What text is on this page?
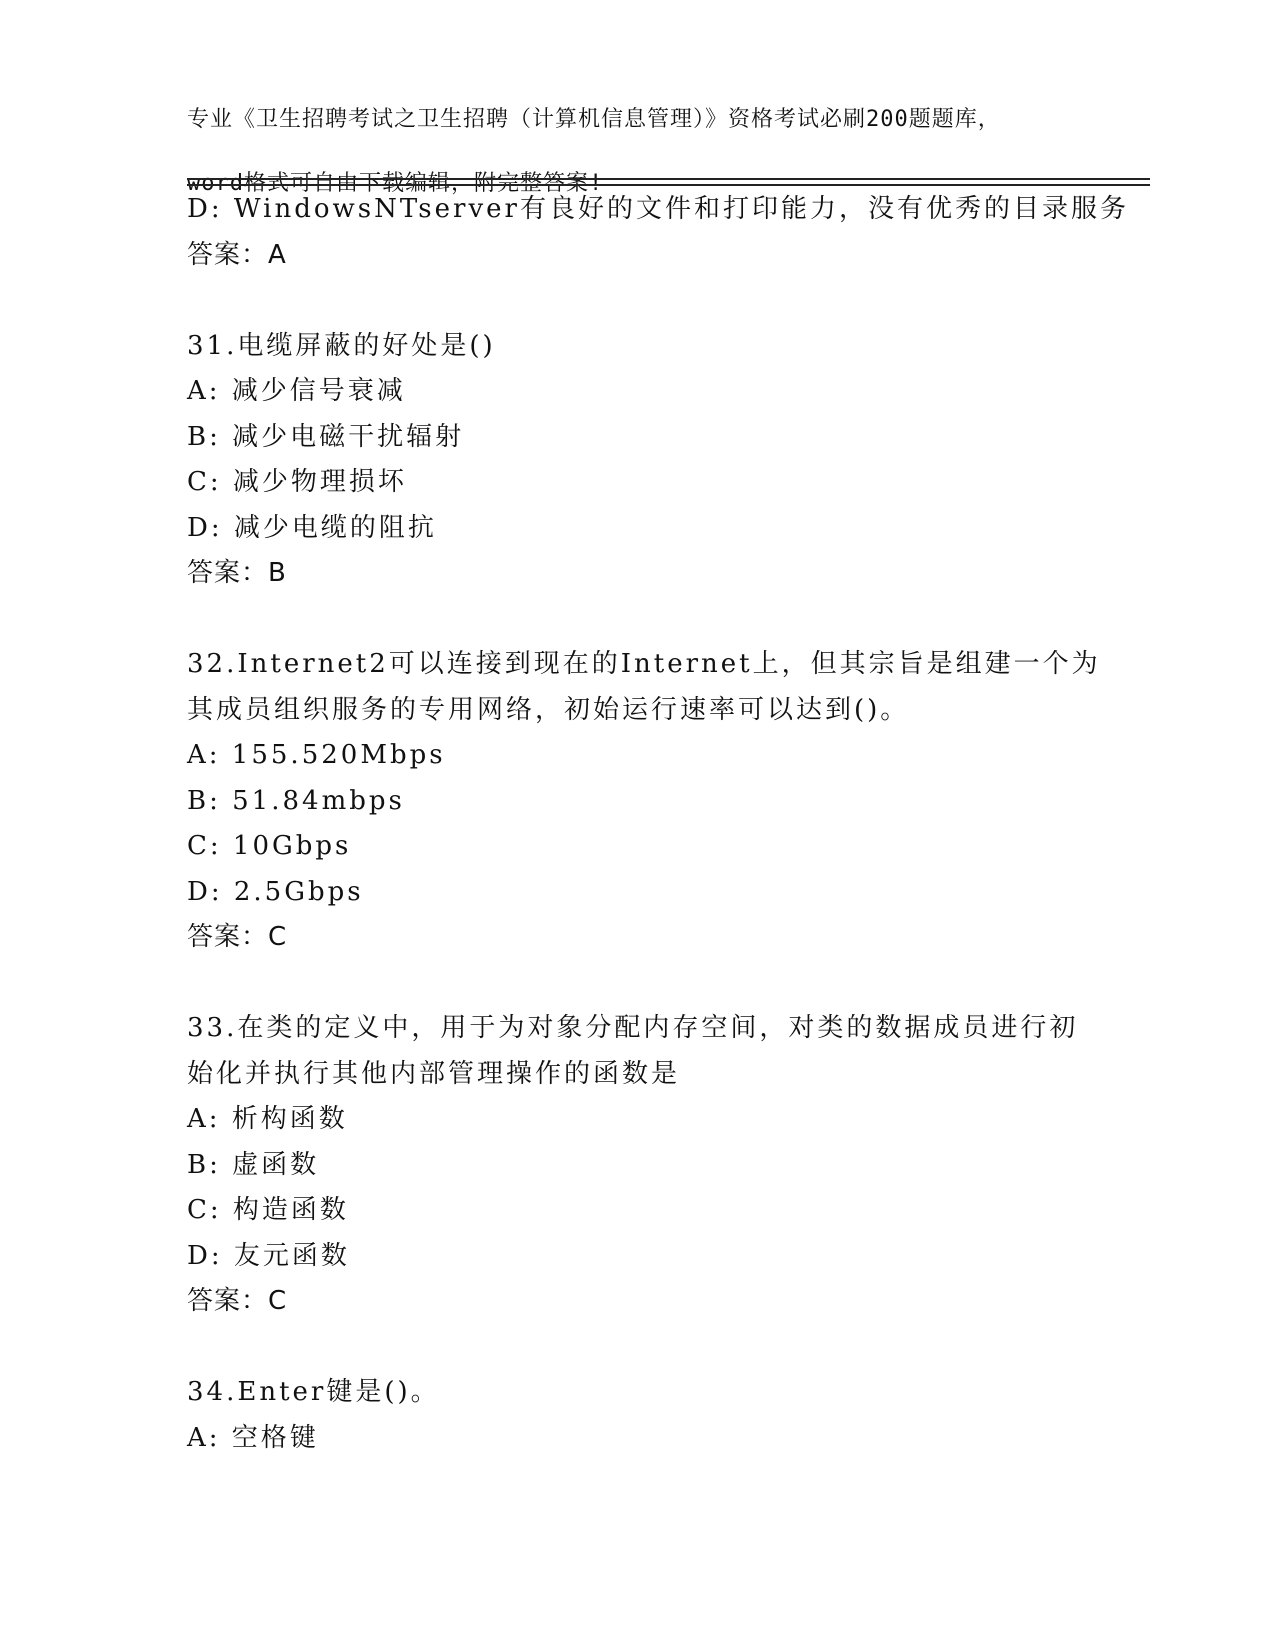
专业《卫生招聘考试之卫生招聘（计算机信息管理）》资格考试必刷200题题库，

word格式可自由下载编辑，附完整答案!

D: WindowsNTserver有良好的文件和打印能力，没有优秀的目录服务
答案：A
31.电缆屏蔽的好处是()
A: 减少信号衰减
B: 减少电磁干扰辐射
C: 减少物理损坏
D: 减少电缆的阻抗
答案：B
32.Internet2可以连接到现在的Internet上，但其宗旨是组建一个为
其成员组织服务的专用网络，初始运行速率可以达到()。
A: 155.520Mbps
B: 51.84mbps
C: 10Gbps
D: 2.5Gbps
答案：C
33.在类的定义中，用于为对象分配内存空间，对类的数据成员进行初
始化并执行其他内部管理操作的函数是
A: 析构函数
B: 虚函数
C: 构造函数
D: 友元函数
答案：C
34.Enter键是()。
A: 空格键
